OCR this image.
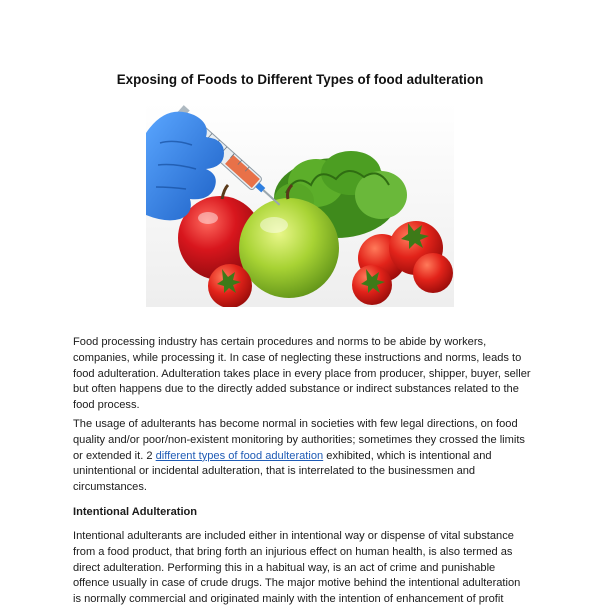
Exposing of Foods to Different Types of food adulteration

Food processing industry has certain procedures and norms to be abide by workers, companies, while processing it. In case of neglecting these instructions and norms, leads to food adulteration. Adulteration takes place in every place from producer, shipper, buyer, seller but often happens due to the directly added substance or indirect substances related to the food process.

The usage of adulterants has become normal in societies with few legal directions, on food quality and/or poor/non-existent monitoring by authorities; sometimes they crossed the limits or extended it. 2 different types of food adulteration exhibited, which is intentional and unintentional or incidental adulteration, that is interrelated to the businessmen and circumstances.

Intentional Adulteration

Intentional adulterants are included either in intentional way or dispense of vital substance from a food product, that bring forth an injurious effect on human health, is also termed as direct adulteration. Performing this in a habitual way, is an act of crime and punishable offence usually in case of crude drugs. The major motive behind the intentional adulteration is normally commercial and originated mainly with the intention of enhancement of profit
